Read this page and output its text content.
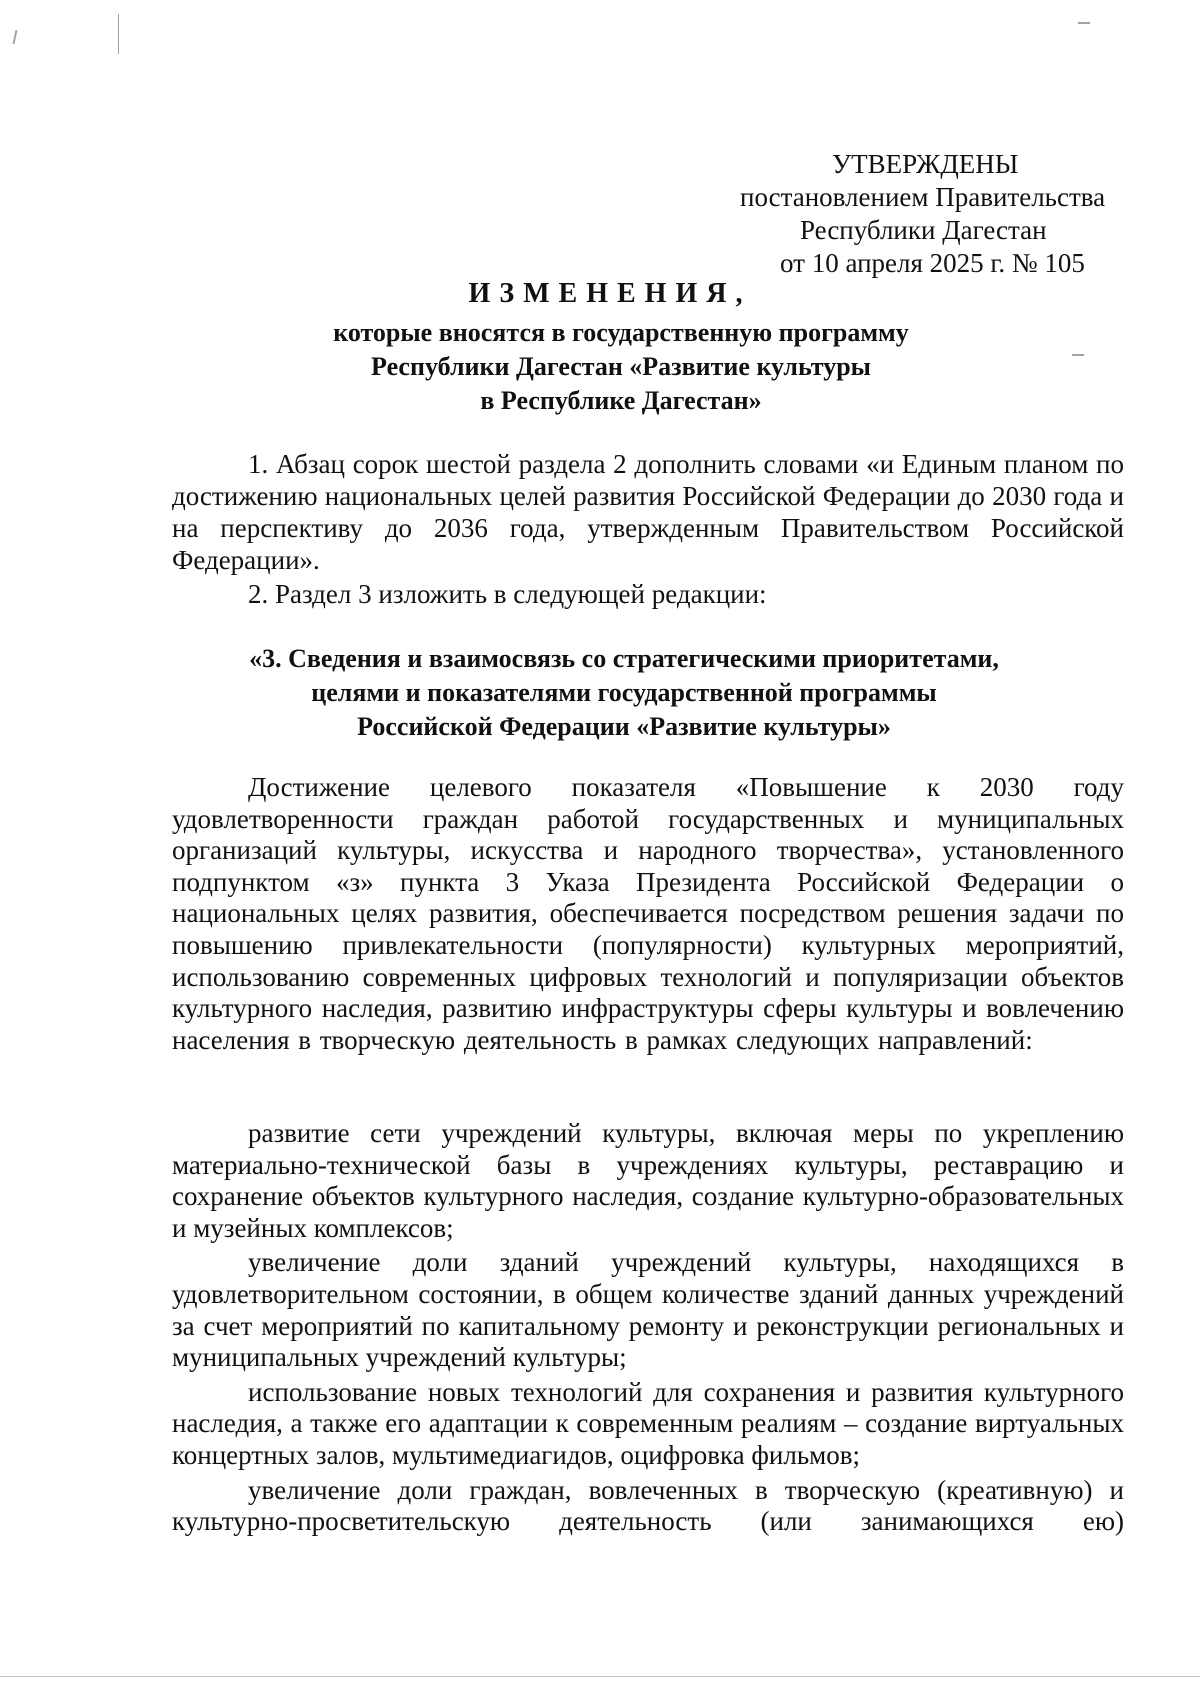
УТВЕРЖДЕНЫ
постановлением Правительства
Республики Дагестан
от 10 апреля 2025 г. № 105
ИЗМЕНЕНИЯ,
которые вносятся в государственную программу
Республики Дагестан «Развитие культуры
в Республике Дагестан»
1. Абзац сорок шестой раздела 2 дополнить словами «и Единым планом по достижению национальных целей развития Российской Федерации до 2030 года и на перспективу до 2036 года, утвержденным Правительством Российской Федерации».
2. Раздел 3 изложить в следующей редакции:
«3. Сведения и взаимосвязь со стратегическими приоритетами,
целями и показателями государственной программы
Российской Федерации «Развитие культуры»
Достижение целевого показателя «Повышение к 2030 году удовлетворенности граждан работой государственных и муниципальных организаций культуры, искусства и народного творчества», установленного подпунктом «з» пункта 3 Указа Президента Российской Федерации о национальных целях развития, обеспечивается посредством решения задачи по повышению привлекательности (популярности) культурных мероприятий, использованию современных цифровых технологий и популяризации объектов культурного наследия, развитию инфраструктуры сферы культуры и вовлечению населения в творческую деятельность в рамках следующих направлений:

развитие сети учреждений культуры, включая меры по укреплению материально-технической базы в учреждениях культуры, реставрацию и сохранение объектов культурного наследия, создание культурно-образовательных и музейных комплексов;

увеличение доли зданий учреждений культуры, находящихся в удовлетворительном состоянии, в общем количестве зданий данных учреждений за счет мероприятий по капитальному ремонту и реконструкции региональных и муниципальных учреждений культуры;

использование новых технологий для сохранения и развития культурного наследия, а также его адаптации к современным реалиям – создание виртуальных концертных залов, мультимедиагидов, оцифровка фильмов;

увеличение доли граждан, вовлеченных в творческую (креативную) и культурно-просветительскую деятельность (или занимающихся ею)
